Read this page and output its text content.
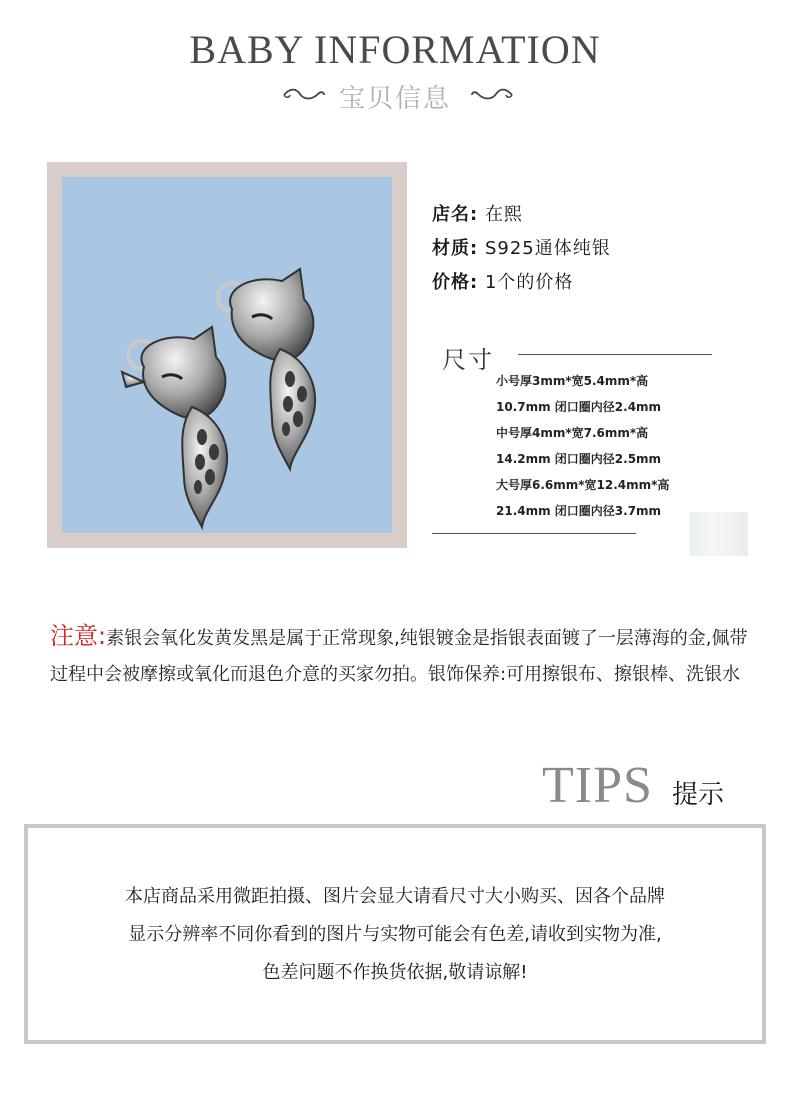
BABY INFORMATION
宝贝信息
店名: 在熙
材质: S925通体纯银
价格: 1个的价格
尺寸
小号厚3mm*宽5.4mm*高
10.7mm 闭口圈内径2.4mm
中号厚4mm*宽7.6mm*高
14.2mm 闭口圈内径2.5mm
大号厚6.6mm*宽12.4mm*高
21.4mm 闭口圈内径3.7mm
注意:素银会氧化发黄发黑是属于正常现象,纯银镀金是指银表面镀了一层薄海的金,佩带过程中会被摩擦或氧化而退色介意的买家勿拍。银饰保养:可用擦银布、擦银棒、洗银水
TIPS 提示
本店商品采用微距拍摄、图片会显大请看尺寸大小购买、因各个品牌
显示分辨率不同你看到的图片与实物可能会有色差,请收到实物为准,
色差问题不作换货依据,敬请谅解!
